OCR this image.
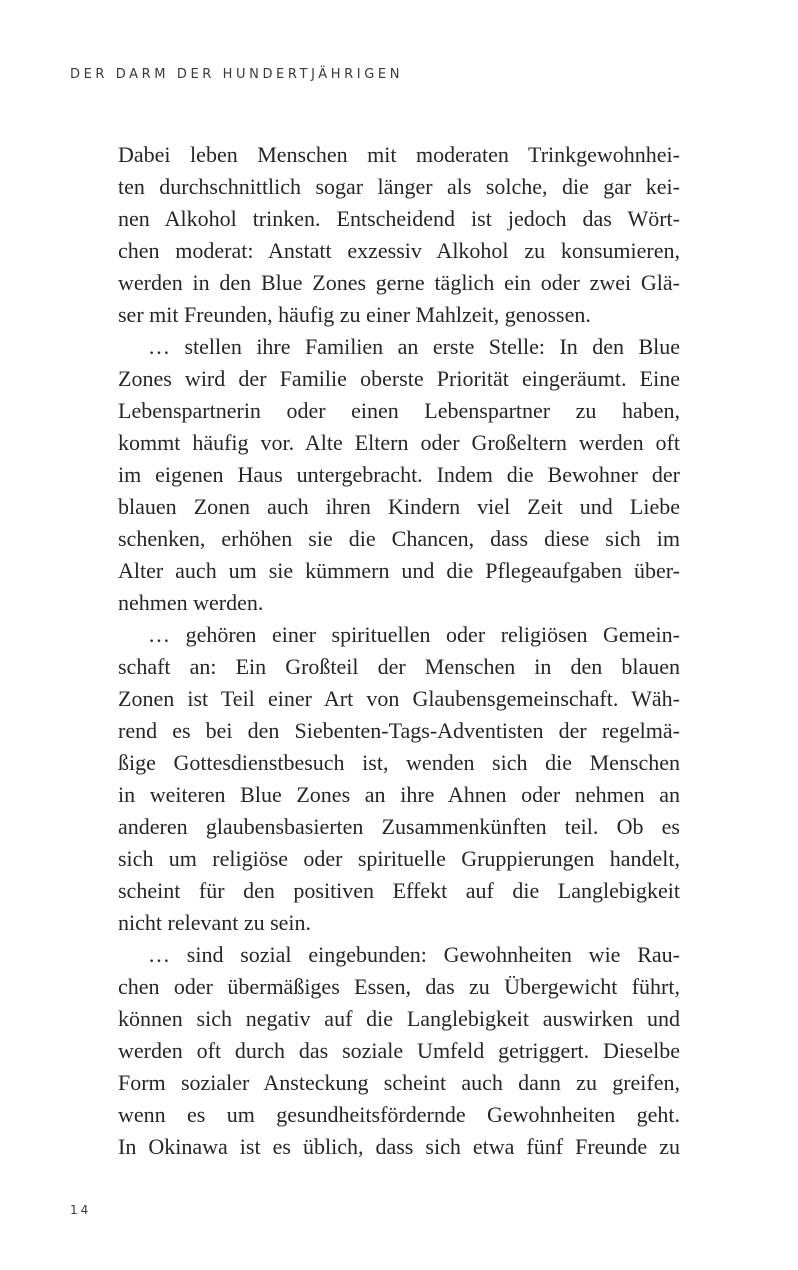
DER DARM DER HUNDERTJÄHRIGEN
Dabei leben Menschen mit moderaten Trinkgewohnhei-
ten durchschnittlich sogar länger als solche, die gar kei-
nen Alkohol trinken. Entscheidend ist jedoch das Wört-
chen moderat: Anstatt exzessiv Alkohol zu konsumieren,
werden in den Blue Zones gerne täglich ein oder zwei Glä-
ser mit Freunden, häufig zu einer Mahlzeit, genossen.
… stellen ihre Familien an erste Stelle: In den Blue
Zones wird der Familie oberste Priorität eingeräumt. Eine
Lebenspartnerin oder einen Lebenspartner zu haben,
kommt häufig vor. Alte Eltern oder Großeltern werden oft
im eigenen Haus untergebracht. Indem die Bewohner der
blauen Zonen auch ihren Kindern viel Zeit und Liebe
schenken, erhöhen sie die Chancen, dass diese sich im
Alter auch um sie kümmern und die Pflegeaufgaben über-
nehmen werden.
… gehören einer spirituellen oder religiösen Gemein-
schaft an: Ein Großteil der Menschen in den blauen
Zonen ist Teil einer Art von Glaubensgemeinschaft. Wäh-
rend es bei den Siebenten-Tags-Adventisten der regelmä-
ßige Gottesdienstbesuch ist, wenden sich die Menschen
in weiteren Blue Zones an ihre Ahnen oder nehmen an
anderen glaubensbasierten Zusammenkünften teil. Ob es
sich um religiöse oder spirituelle Gruppierungen handelt,
scheint für den positiven Effekt auf die Langlebigkeit
nicht relevant zu sein.
… sind sozial eingebunden: Gewohnheiten wie Rau-
chen oder übermäßiges Essen, das zu Übergewicht führt,
können sich negativ auf die Langlebigkeit auswirken und
werden oft durch das soziale Umfeld getriggert. Dieselbe
Form sozialer Ansteckung scheint auch dann zu greifen,
wenn es um gesundheitsfördernde Gewohnheiten geht.
In Okinawa ist es üblich, dass sich etwa fünf Freunde zu
14
